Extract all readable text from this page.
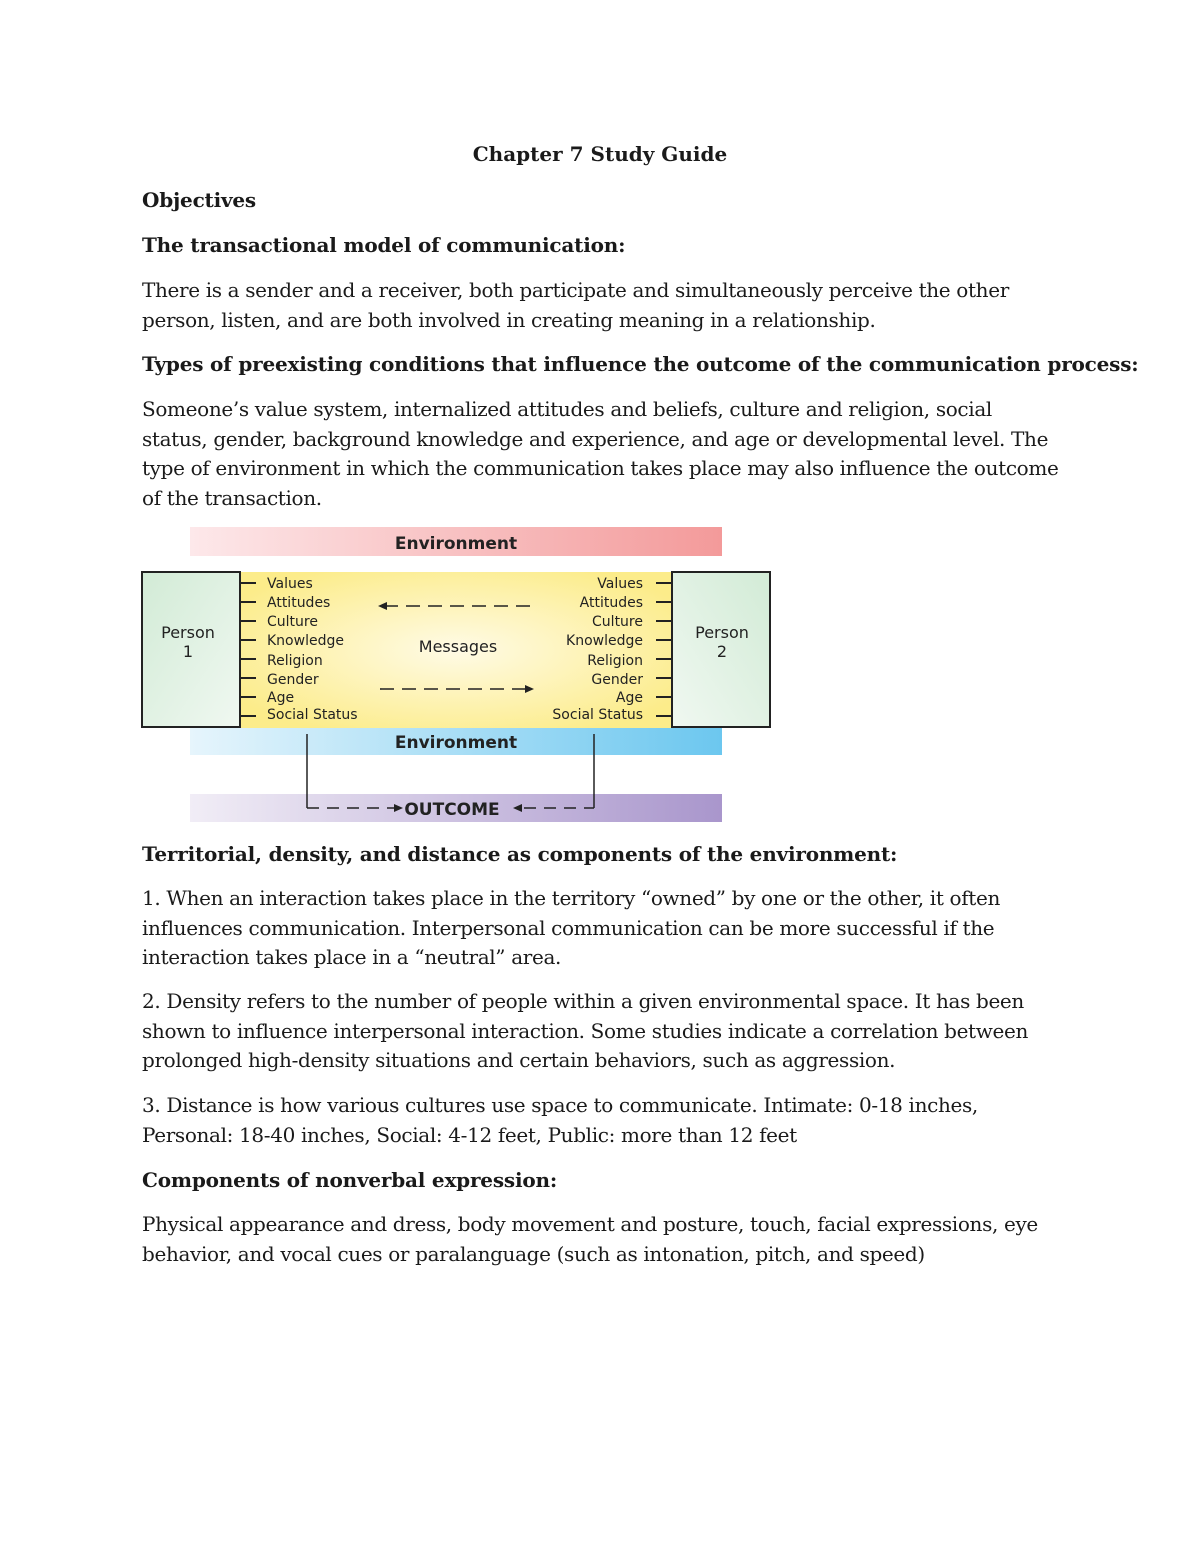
Chapter 7 Study Guide
Objectives
The transactional model of communication:

There is a sender and a receiver, both participate and simultaneously perceive the other person, listen, and are both involved in creating meaning in a relationship.

Types of preexisting conditions that influence the outcome of the communication process:

Someone’s value system, internalized attitudes and beliefs, culture and religion, social status, gender, background knowledge and experience, and age or developmental level. The type of environment in which the communication takes place may also influence the outcome of the transaction.

Environment
Environment
Person
1
Person
2
Values
Attitudes
Culture
Knowledge
Religion
Gender
Age
Social Status
Values
Attitudes
Culture
Knowledge
Religion
Gender
Age
Social Status
Messages
OUTCOME
Territorial, density, and distance as components of the environment:

1. When an interaction takes place in the territory “owned” by one or the other, it often influences communication. Interpersonal communication can be more successful if the interaction takes place in a “neutral” area.

2. Density refers to the number of people within a given environmental space. It has been shown to influence interpersonal interaction. Some studies indicate a correlation between prolonged high-density situations and certain behaviors, such as aggression.

3. Distance is how various cultures use space to communicate. Intimate: 0-18 inches, Personal: 18-40 inches, Social: 4-12 feet, Public: more than 12 feet

Components of nonverbal expression:

Physical appearance and dress, body movement and posture, touch, facial expressions, eye behavior, and vocal cues or paralanguage (such as intonation, pitch, and speed)
